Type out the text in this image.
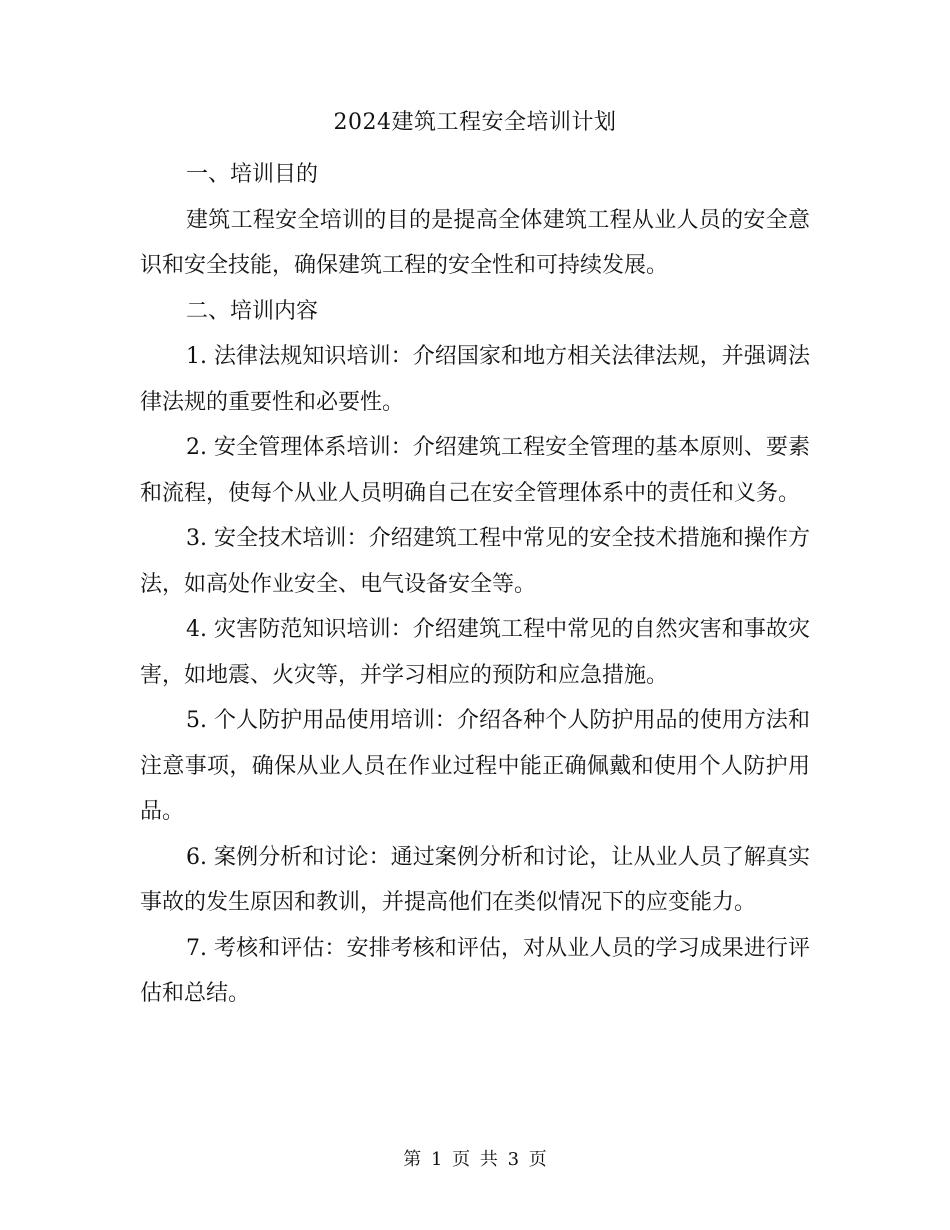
2024建筑工程安全培训计划

一、培训目的

建筑工程安全培训的目的是提高全体建筑工程从业人员的安全意识和安全技能，确保建筑工程的安全性和可持续发展。

二、培训内容

1. 法律法规知识培训：介绍国家和地方相关法律法规，并强调法律法规的重要性和必要性。

2. 安全管理体系培训：介绍建筑工程安全管理的基本原则、要素和流程，使每个从业人员明确自己在安全管理体系中的责任和义务。

3. 安全技术培训：介绍建筑工程中常见的安全技术措施和操作方法，如高处作业安全、电气设备安全等。

4. 灾害防范知识培训：介绍建筑工程中常见的自然灾害和事故灾害，如地震、火灾等，并学习相应的预防和应急措施。

5. 个人防护用品使用培训：介绍各种个人防护用品的使用方法和注意事项，确保从业人员在作业过程中能正确佩戴和使用个人防护用品。

6. 案例分析和讨论：通过案例分析和讨论，让从业人员了解真实事故的发生原因和教训，并提高他们在类似情况下的应变能力。

7. 考核和评估：安排考核和评估，对从业人员的学习成果进行评估和总结。

第 1 页 共 3 页
